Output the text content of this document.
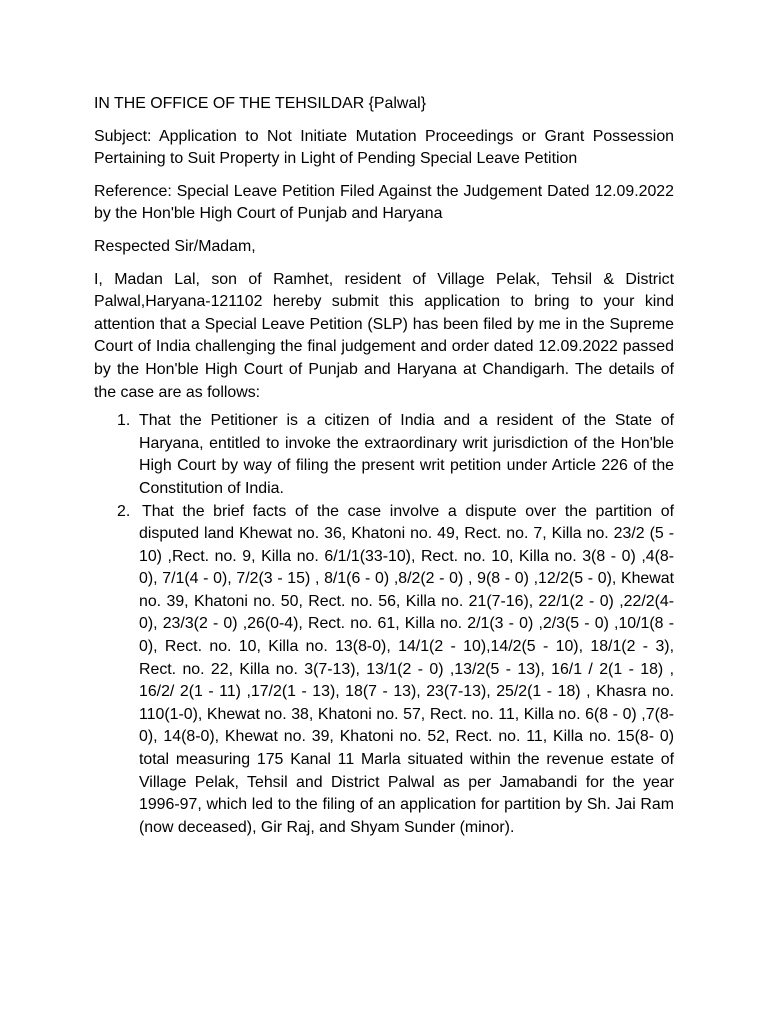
IN THE OFFICE OF THE TEHSILDAR {Palwal}

Subject: Application to Not Initiate Mutation Proceedings or Grant Possession Pertaining to Suit Property in Light of Pending Special Leave Petition

Reference: Special Leave Petition Filed Against the Judgement Dated 12.09.2022 by the Hon'ble High Court of Punjab and Haryana

Respected Sir/Madam,

I, Madan Lal, son of Ramhet, resident of Village Pelak, Tehsil & District Palwal,Haryana-121102 hereby submit this application to bring to your kind attention that a Special Leave Petition (SLP) has been filed by me in the Supreme Court of India challenging the final judgement and order dated 12.09.2022 passed by the Hon'ble High Court of Punjab and Haryana at Chandigarh. The details of the case are as follows:

1. That the Petitioner is a citizen of India and a resident of the State of Haryana, entitled to invoke the extraordinary writ jurisdiction of the Hon'ble High Court by way of filing the present writ petition under Article 226 of the Constitution of India.
2. That the brief facts of the case involve a dispute over the partition of disputed land Khewat no. 36, Khatoni no. 49, Rect. no. 7, Killa no. 23/2 (5 - 10) ,Rect. no. 9, Killa no. 6/1/1(33-10), Rect. no. 10, Killa no. 3(8 - 0) ,4(8-0), 7/1(4 - 0), 7/2(3 - 15) , 8/1(6 - 0) ,8/2(2 - 0) , 9(8 - 0) ,12/2(5 - 0), Khewat no. 39, Khatoni no. 50, Rect. no. 56, Killa no. 21(7-16), 22/1(2 - 0) ,22/2(4-0), 23/3(2 - 0) ,26(0-4), Rect. no. 61, Killa no. 2/1(3 - 0) ,2/3(5 - 0) ,10/1(8 - 0), Rect. no. 10, Killa no. 13(8-0), 14/1(2 - 10),14/2(5 - 10), 18/1(2 - 3), Rect. no. 22, Killa no. 3(7-13), 13/1(2 - 0) ,13/2(5 - 13), 16/1 / 2(1 - 18) , 16/2/ 2(1 - 11) ,17/2(1 - 13), 18(7 - 13), 23(7-13), 25/2(1 - 18) , Khasra no. 110(1-0), Khewat no. 38, Khatoni no. 57, Rect. no. 11, Killa no. 6(8 - 0) ,7(8-0), 14(8-0), Khewat no. 39, Khatoni no. 52, Rect. no. 11, Killa no. 15(8- 0) total measuring 175 Kanal 11 Marla situated within the revenue estate of Village Pelak, Tehsil and District Palwal as per Jamabandi for the year 1996-97, which led to the filing of an application for partition by Sh. Jai Ram (now deceased), Gir Raj, and Shyam Sunder (minor).
